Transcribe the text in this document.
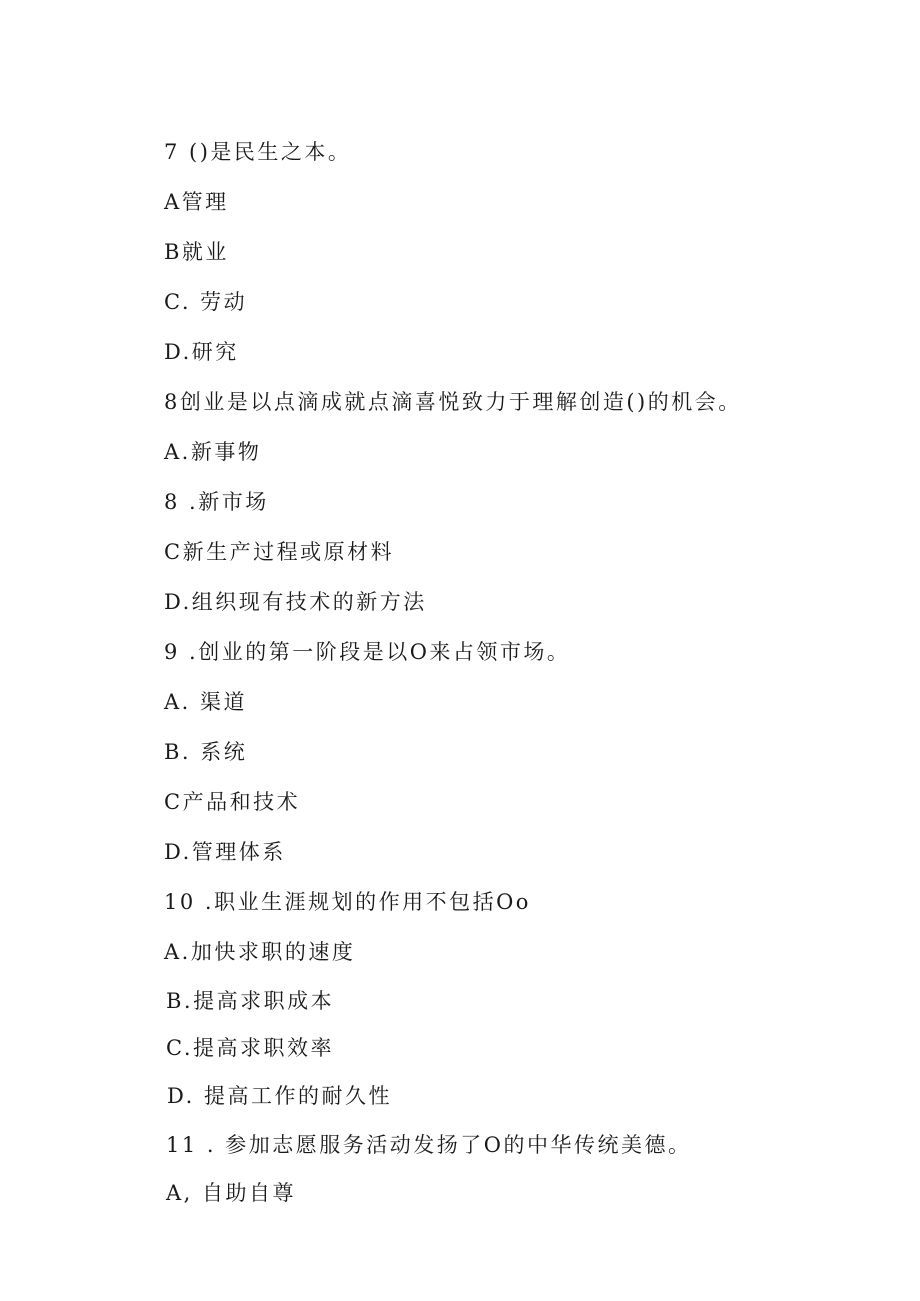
7 ()是民生之本。
A管理
B就业
C. 劳动
D.研究
8创业是以点滴成就点滴喜悦致力于理解创造()的机会。
A.新事物
8 .新市场
C新生产过程或原材料
D.组织现有技术的新方法
9 .创业的第一阶段是以O来占领市场。
A. 渠道
B. 系统
C产品和技术
D.管理体系
10 .职业生涯规划的作用不包括Oo
A.加快求职的速度
B.提高求职成本
C.提高求职效率
D. 提高工作的耐久性
11 . 参加志愿服务活动发扬了O的中华传统美德。
A, 自助自尊
